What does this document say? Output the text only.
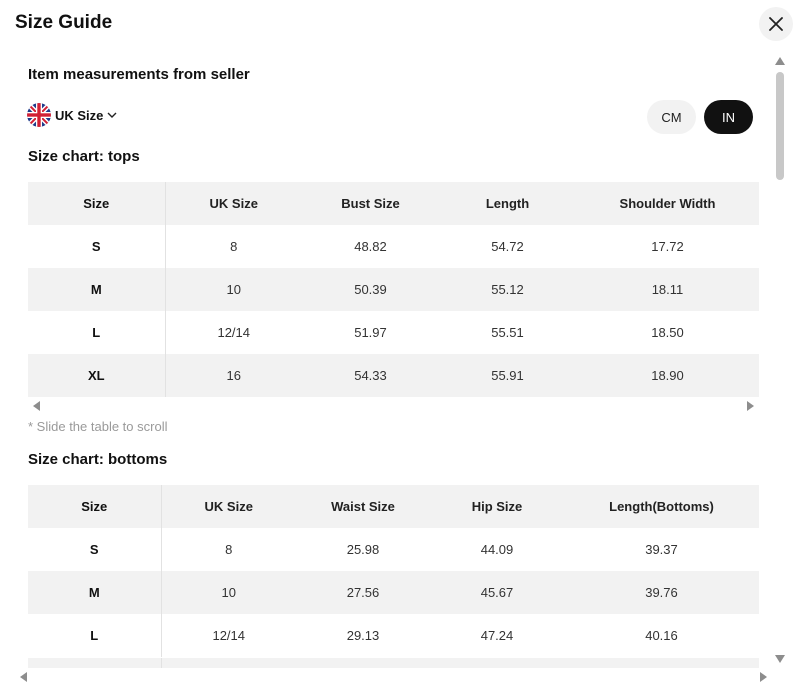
Size Guide
Item measurements from seller
UK Size	CM	IN
Size chart: tops
Size	UK Size	Bust Size	Length	Shoulder Width
S	8	48.82	54.72	17.72
M	10	50.39	55.12	18.11
L	12/14	51.97	55.51	18.50
XL	16	54.33	55.91	18.90
* Slide the table to scroll
Size chart: bottoms
Size	UK Size	Waist Size	Hip Size	Length(Bottoms)
S	8	25.98	44.09	39.37
M	10	27.56	45.67	39.76
L	12/14	29.13	47.24	40.16
